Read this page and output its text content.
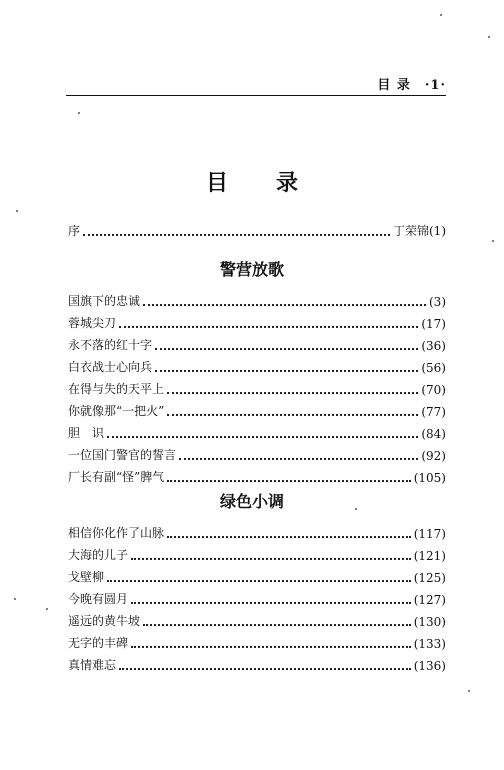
目 录 ·1·
目 录
序	丁荣锦(1)
警营放歌
国旗下的忠诚	(3)
蓉城尖刀	(17)
永不落的红十字	(36)
白衣战士心向兵	(56)
在得与失的天平上	(70)
你就像那“一把火”	(77)
胆　识	(84)
一位国门警官的誓言	(92)
厂长有副“怪”脾气	(105)
绿色小调
相信你化作了山脉	(117)
大海的儿子	(121)
戈壁柳	(125)
今晚有圆月	(127)
遥远的黄牛坡	(130)
无字的丰碑	(133)
真情难忘	(136)
